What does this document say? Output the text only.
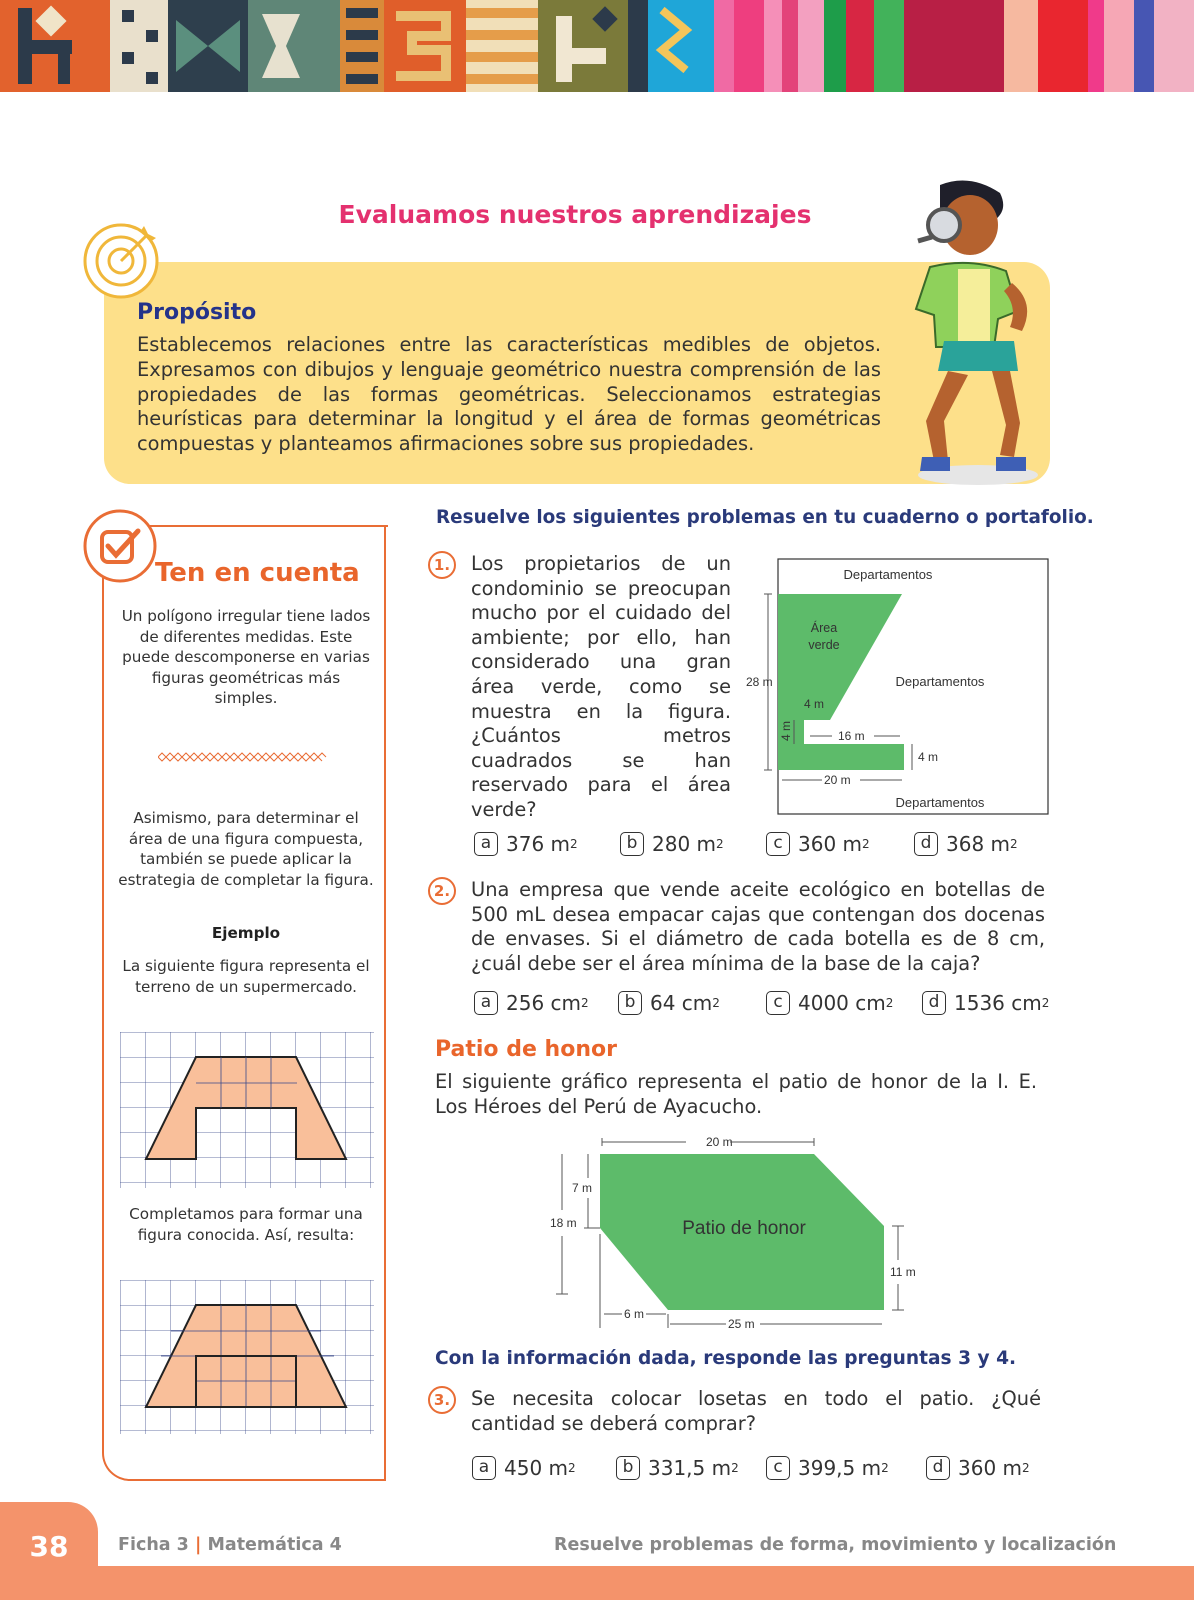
Evaluamos nuestros aprendizajes
Propósito
Establecemos relaciones entre las características medibles de objetos. Expresamos con dibujos y lenguaje geométrico nuestra comprensión de las propiedades de las formas geométricas. Seleccionamos estrategias heurísticas para determinar la longitud y el área de formas geométricas compuestas y planteamos afirmaciones sobre sus propiedades.
Ten en cuenta
Un polígono irregular tiene lados de diferentes medidas. Este puede descomponerse en varias figuras geométricas más simples.
Asimismo, para determinar el área de una figura compuesta, también se puede aplicar la estrategia de completar la figura.
Ejemplo
La siguiente figura representa el terreno de un supermercado.
Completamos para formar una figura conocida. Así, resulta:
Resuelve los siguientes problemas en tu cuaderno o portafolio.
1.	Los propietarios de un condominio se preocupan mucho por el cuidado del ambiente; por ello, han considerado una gran área verde, como se muestra en la figura. ¿Cuántos metros cuadrados se han reservado para el área verde?
Departamentos
Área verde
Departamentos
Departamentos
28 m
4 m
4 m	16 m
4 m
20 m
a 376 m 2	b 280 m 2	c 360 m 2	d 368 m 2
2.	Una empresa que vende aceite ecológico en botellas de 500 mL desea empacar cajas que contengan dos docenas de envases. Si el diámetro de cada botella es de 8 cm, ¿cuál debe ser el área mínima de la base de la caja?
a 256 cm 2	b 64 cm 2	c 4000 cm 2	d 1536 cm 2
Patio de honor
El siguiente gráfico representa el patio de honor de la I. E. Los Héroes del Perú de Ayacucho.
Patio de honor
20 m
7 m
18 m
11 m
6 m
25 m
Con la información dada, responde las preguntas 3 y 4.
3.	Se necesita colocar losetas en todo el patio. ¿Qué cantidad se deberá comprar?
a 450 m 2	b 331,5 m 2	c 399,5 m 2	d 360 m 2
38	Ficha 3 | Matemática 4	Resuelve problemas de forma, movimiento y localización
